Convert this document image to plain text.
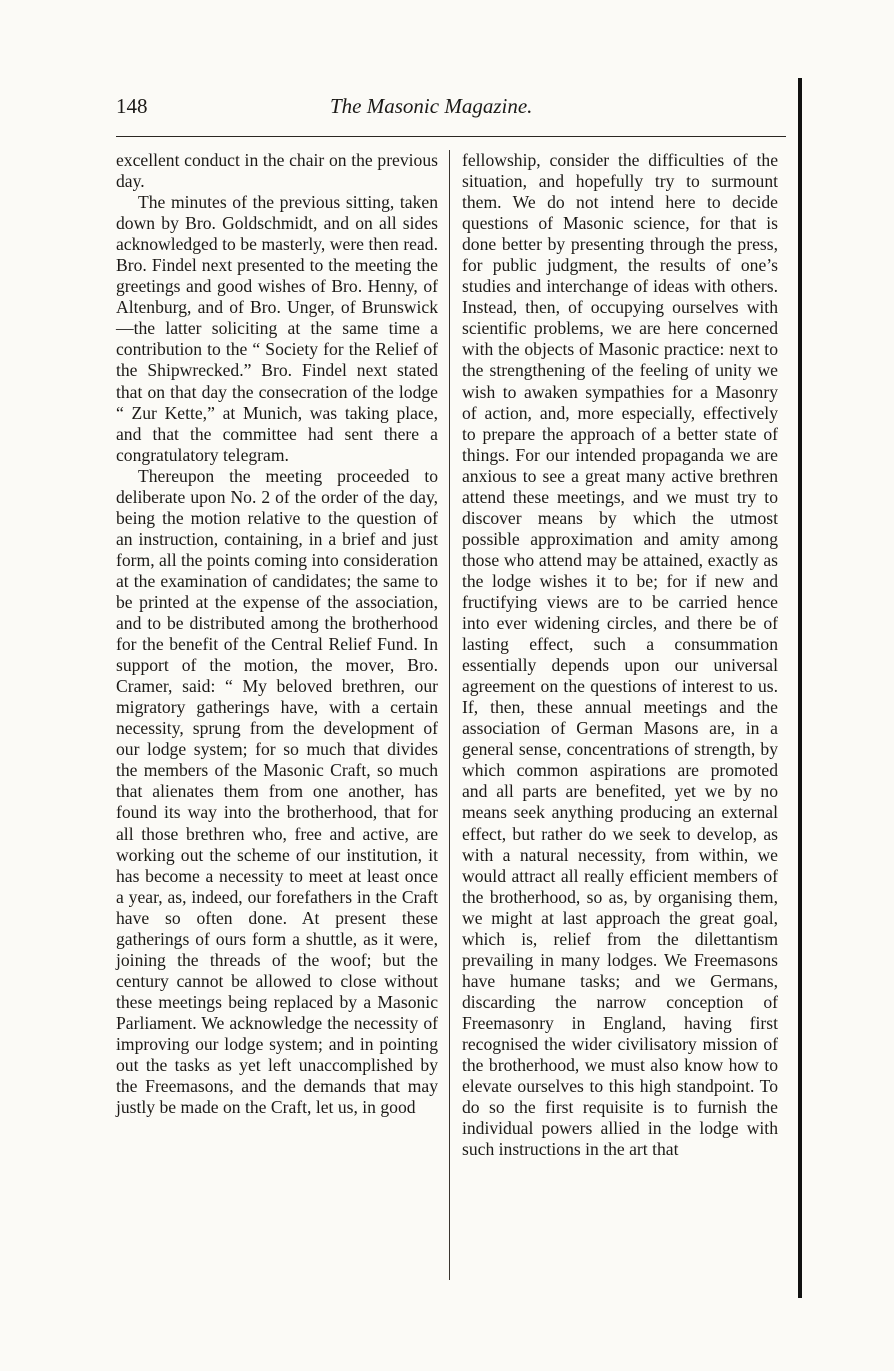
148	The Masonic Magazine.

excellent conduct in the chair on the previous day.

The minutes of the previous sitting, taken down by Bro. Goldschmidt, and on all sides acknowledged to be masterly, were then read. Bro. Findel next presented to the meeting the greetings and good wishes of Bro. Henny, of Altenburg, and of Bro. Unger, of Brunswick—the latter soliciting at the same time a contribution to the “ Society for the Relief of the Shipwrecked.” Bro. Findel next stated that on that day the consecration of the lodge “ Zur Kette,” at Munich, was taking place, and that the committee had sent there a congratulatory telegram.

Thereupon the meeting proceeded to deliberate upon No. 2 of the order of the day, being the motion relative to the question of an instruction, containing, in a brief and just form, all the points coming into consideration at the examination of candidates; the same to be printed at the expense of the association, and to be distributed among the brotherhood for the benefit of the Central Relief Fund. In support of the motion, the mover, Bro. Cramer, said: “ My beloved brethren, our migratory gatherings have, with a certain necessity, sprung from the development of our lodge system; for so much that divides the members of the Masonic Craft, so much that alienates them from one another, has found its way into the brotherhood, that for all those brethren who, free and active, are working out the scheme of our institution, it has become a necessity to meet at least once a year, as, indeed, our forefathers in the Craft have so often done. At present these gatherings of ours form a shuttle, as it were, joining the threads of the woof; but the century cannot be allowed to close without these meetings being replaced by a Masonic Parliament. We acknowledge the necessity of improving our lodge system; and in pointing out the tasks as yet left unaccomplished by the Freemasons, and the demands that may justly be made on the Craft, let us, in good

fellowship, consider the difficulties of the situation, and hopefully try to surmount them. We do not intend here to decide questions of Masonic science, for that is done better by presenting through the press, for public judgment, the results of one’s studies and interchange of ideas with others. Instead, then, of occupying ourselves with scientific problems, we are here concerned with the objects of Masonic practice: next to the strengthening of the feeling of unity we wish to awaken sympathies for a Masonry of action, and, more especially, effectively to prepare the approach of a better state of things. For our intended propaganda we are anxious to see a great many active brethren attend these meetings, and we must try to discover means by which the utmost possible approximation and amity among those who attend may be attained, exactly as the lodge wishes it to be; for if new and fructifying views are to be carried hence into ever widening circles, and there be of lasting effect, such a consummation essentially depends upon our universal agreement on the questions of interest to us. If, then, these annual meetings and the association of German Masons are, in a general sense, concentrations of strength, by which common aspirations are promoted and all parts are benefited, yet we by no means seek anything producing an external effect, but rather do we seek to develop, as with a natural necessity, from within, we would attract all really efficient members of the brotherhood, so as, by organising them, we might at last approach the great goal, which is, relief from the dilettantism prevailing in many lodges. We Freemasons have humane tasks; and we Germans, discarding the narrow conception of Freemasonry in England, having first recognised the wider civilisatory mission of the brotherhood, we must also know how to elevate ourselves to this high standpoint. To do so the first requisite is to furnish the individual powers allied in the lodge with such instructions in the art that
